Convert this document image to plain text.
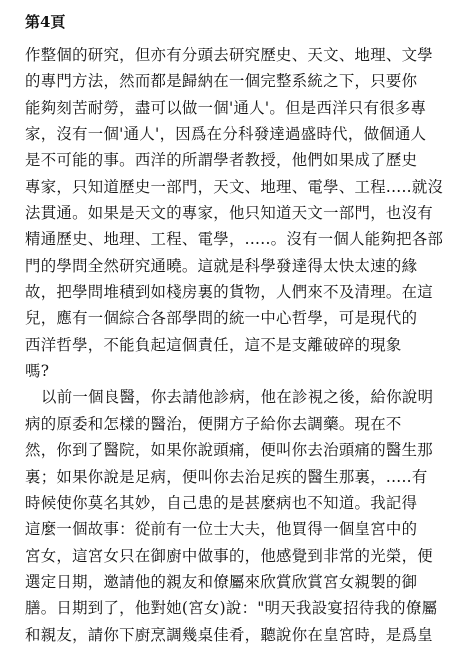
第4頁
作整個的研究，但亦有分頭去研究歷史、天文、地理、文學
的專門方法，然而都是歸納在一個完整系統之下，只要你
能夠刻苦耐勞，盡可以做一個'通人'。但是西洋只有很多專
家，沒有一個'通人'，因爲在分科發達過盛時代，做個通人
是不可能的事。西洋的所謂學者教授，他們如果成了歷史
專家，只知道歷史一部門，天文、地理、電學、工程.....就沒
法貫通。如果是天文的專家，他只知道天文一部門，也沒有
精通歷史、地理、工程、電學，.....。沒有一個人能夠把各部
門的學問全然研究通曉。這就是科學發達得太快太速的緣
故，把學問堆積到如棧房裏的貨物，人們來不及清理。在這
兒，應有一個綜合各部學問的統一中心哲學，可是現代的
西洋哲學，不能負起這個責任，這不是支離破碎的現象
嗎?
以前一個良醫，你去請他診病，他在診視之後，給你說明
病的原委和怎樣的醫治，便開方子給你去調藥。現在不
然，你到了醫院，如果你說頭痛，便叫你去治頭痛的醫生那
裏；如果你說是足病，便叫你去治足疾的醫生那裏，.....有
時候使你莫名其妙，自己患的是甚麼病也不知道。我記得
這麼一個故事：從前有一位士大夫，他買得一個皇宮中的
宮女，這宮女只在御廚中做事的，他感覺到非常的光榮，便
選定日期，邀請他的親友和僚屬來欣賞欣賞宮女親製的御
膳。日期到了，他對她(宮女)說："明天我設宴招待我的僚屬
和親友，請你下廚烹調幾桌佳肴，聽說你在皇宮時，是爲皇
